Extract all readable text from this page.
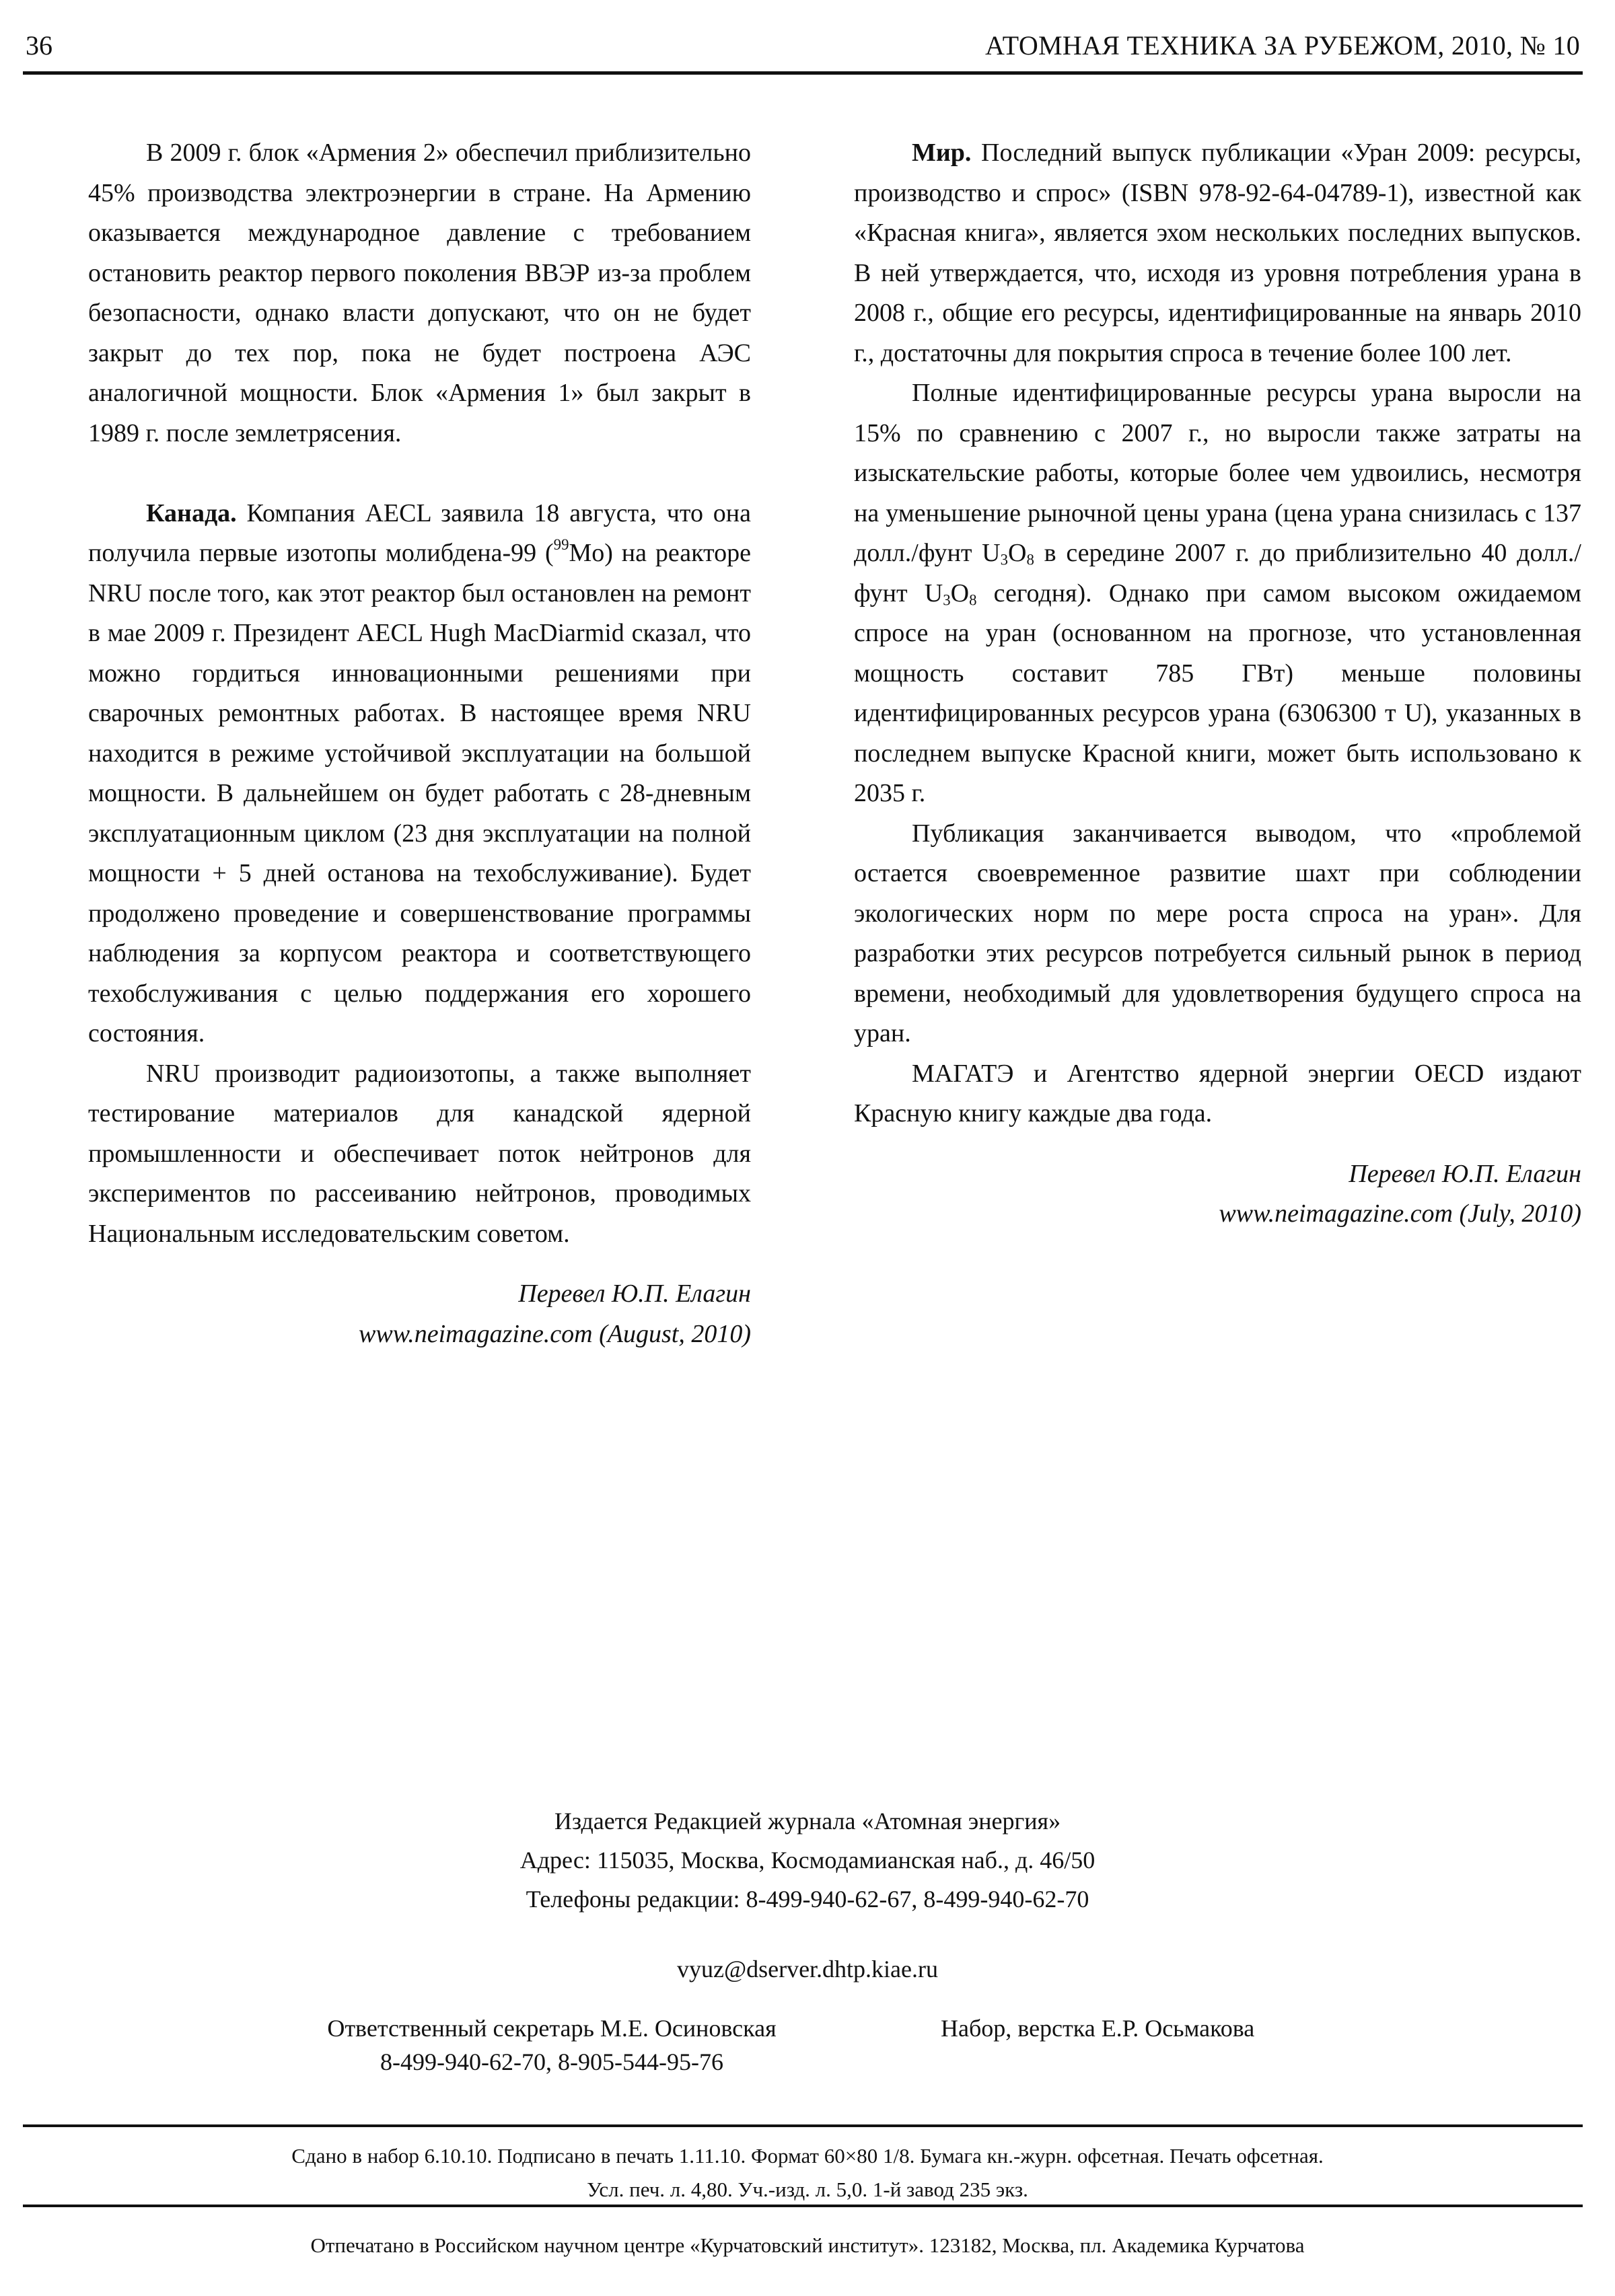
36	АТОМНАЯ ТЕХНИКА ЗА РУБЕЖОМ, 2010, № 10

В 2009 г. блок «Армения 2» обеспечил приблизительно 45% производства электроэнергии в стране. На Армению оказывается международное давление с требованием остановить реактор первого поколения ВВЭР из-за проблем безопасности, однако власти допускают, что он не будет закрыт до тех пор, пока не будет построена АЭС аналогичной мощности. Блок «Армения 1» был закрыт в 1989 г. после землетрясения.

Канада. Компания AECL заявила 18 августа, что она получила первые изотопы молибдена-99 ($^{99}$Mo) на реакторе NRU после того, как этот реактор был остановлен на ремонт в мае 2009 г. Президент AECL Hugh MacDiarmid сказал, что можно гордиться инновационными решениями при сварочных ремонтных работах. В настоящее время NRU находится в режиме устойчивой эксплуатации на большой мощности. В дальнейшем он будет работать с 28-дневным эксплуатационным циклом (23 дня эксплуатации на полной мощности + 5 дней останова на техобслуживание). Будет продолжено проведение и совершенствование программы наблюдения за корпусом реактора и соответствующего техобслуживания с целью поддержания его хорошего состояния.

NRU производит радиоизотопы, а также выполняет тестирование материалов для канадской ядерной промышленности и обеспечивает поток нейтронов для экспериментов по рассеиванию нейтронов, проводимых Национальным исследовательским советом.

Перевел Ю.П. Елагин
www.neimagazine.com (August, 2010)

Мир. Последний выпуск публикации «Уран 2009: ресурсы, производство и спрос» (ISBN 978-92-64-04789-1), известной как «Красная книга», является эхом нескольких последних выпусков. В ней утверждается, что, исходя из уровня потребления урана в 2008 г., общие его ресурсы, идентифицированные на январь 2010 г., достаточны для покрытия спроса в течение более 100 лет.

Полные идентифицированные ресурсы урана выросли на 15% по сравнению с 2007 г., но выросли также затраты на изыскательские работы, которые более чем удвоились, несмотря на уменьшение рыночной цены урана (цена урана снизилась с 137 долл./фунт $U_3O_8$ в середине 2007 г. до приблизительно 40 долл./фунт $U_3O_8$ сегодня). Однако при самом высоком ожидаемом спросе на уран (основанном на прогнозе, что установленная мощность составит 785 ГВт) меньше половины идентифицированных ресурсов урана (6306300 т U), указанных в последнем выпуске Красной книги, может быть использовано к 2035 г.

Публикация заканчивается выводом, что «проблемой остается своевременное развитие шахт при соблюдении экологических норм по мере роста спроса на уран». Для разработки этих ресурсов потребуется сильный рынок в период времени, необходимый для удовлетворения будущего спроса на уран.

МАГАТЭ и Агентство ядерной энергии OECD издают Красную книгу каждые два года.

Перевел Ю.П. Елагин
www.neimagazine.com (July, 2010)
Издается Редакцией журнала «Атомная энергия»
Адрес: 115035, Москва, Космодамианская наб., д. 46/50
Телефоны редакции: 8-499-940-62-67, 8-499-940-62-70
vyuz@dserver.dhtp.kiae.ru
Ответственный секретарь М.Е. Осиновская
8-499-940-62-70, 8-905-544-95-76
Набор, верстка Е.Р. Осьмакова
Сдано в набор 6.10.10. Подписано в печать 1.11.10. Формат 60×80 1/8. Бумага кн.-журн. офсетная. Печать офсетная.
Усл. печ. л. 4,80. Уч.-изд. л. 5,0. 1-й завод 235 экз.
Отпечатано в Российском научном центре «Курчатовский институт». 123182, Москва, пл. Академика Курчатова
